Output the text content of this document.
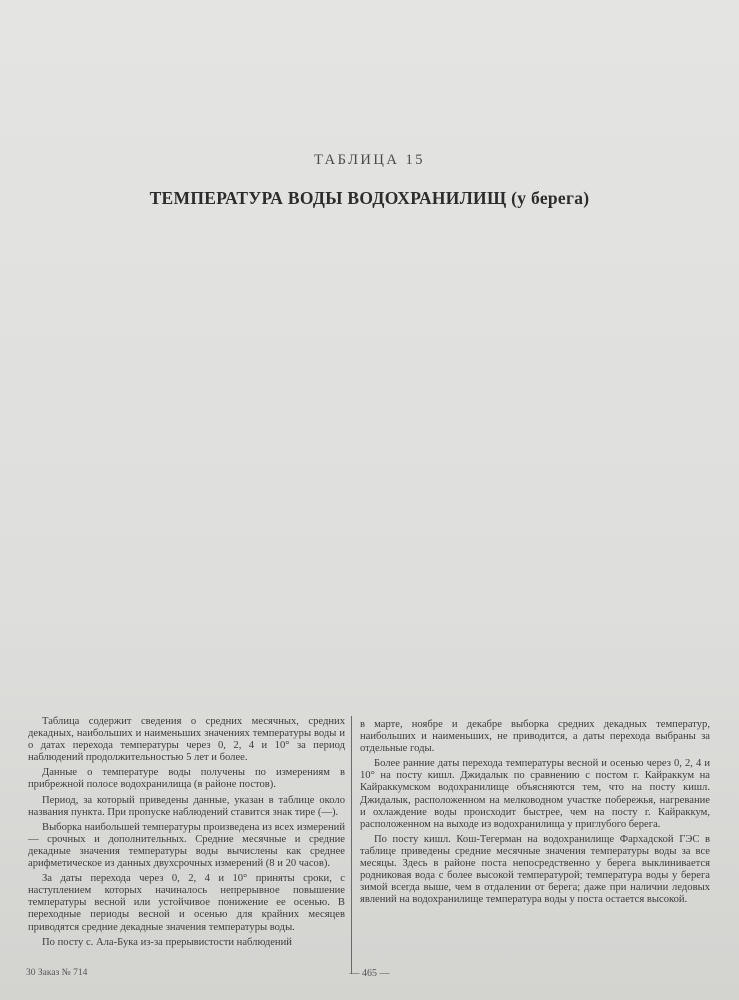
ТАБЛИЦА 15
ТЕМПЕРАТУРА ВОДЫ ВОДОХРАНИЛИЩ (у берега)

Таблица содержит сведения о средних месячных, средних декадных, наибольших и наименьших значениях температуры воды и о датах перехода температуры через 0, 2, 4 и 10° за период наблюдений продолжительностью 5 лет и более.

Данные о температуре воды получены по измерениям в прибрежной полосе водохранилища (в районе постов).

Период, за который приведены данные, указан в таблице около названия пункта. При пропуске наблюдений ставится знак тире (—).

Выборка наибольшей температуры произведена из всех измерений — срочных и дополнительных. Средние месячные и средние декадные значения температуры воды вычислены как среднее арифметическое из данных двухсрочных измерений (8 и 20 часов).

За даты перехода через 0, 2, 4 и 10° приняты сроки, с наступлением которых начиналось непрерывное повышение температуры весной или устойчивое понижение ее осенью. В переходные периоды весной и осенью для крайних месяцев приводятся средние декадные значения температуры воды.

По посту с. Ала-Бука из-за прерывистости наблюдений

в марте, ноябре и декабре выборка средних декадных температур, наибольших и наименьших, не приводится, а даты перехода выбраны за отдельные годы.

Более ранние даты перехода температуры весной и осенью через 0, 2, 4 и 10° на посту кишл. Джидалык по сравнению с постом г. Кайраккум на Кайраккумском водохранилище объясняются тем, что на посту кишл. Джидалык, расположенном на мелководном участке побережья, нагревание и охлаждение воды происходит быстрее, чем на посту г. Кайраккум, расположенном на выходе из водохранилища у приглубого берега.

По посту кишл. Кош-Тегерман на водохранилище Фархадской ГЭС в таблице приведены средние месячные значения температуры воды за все месяцы. Здесь в районе поста непосредственно у берега выклинивается родниковая вода с более высокой температурой; температура воды у берега зимой всегда выше, чем в отдалении от берега; даже при наличии ледовых явлений на водохранилище температура воды у поста остается высокой.

30 Заказ № 714	— 465 —
